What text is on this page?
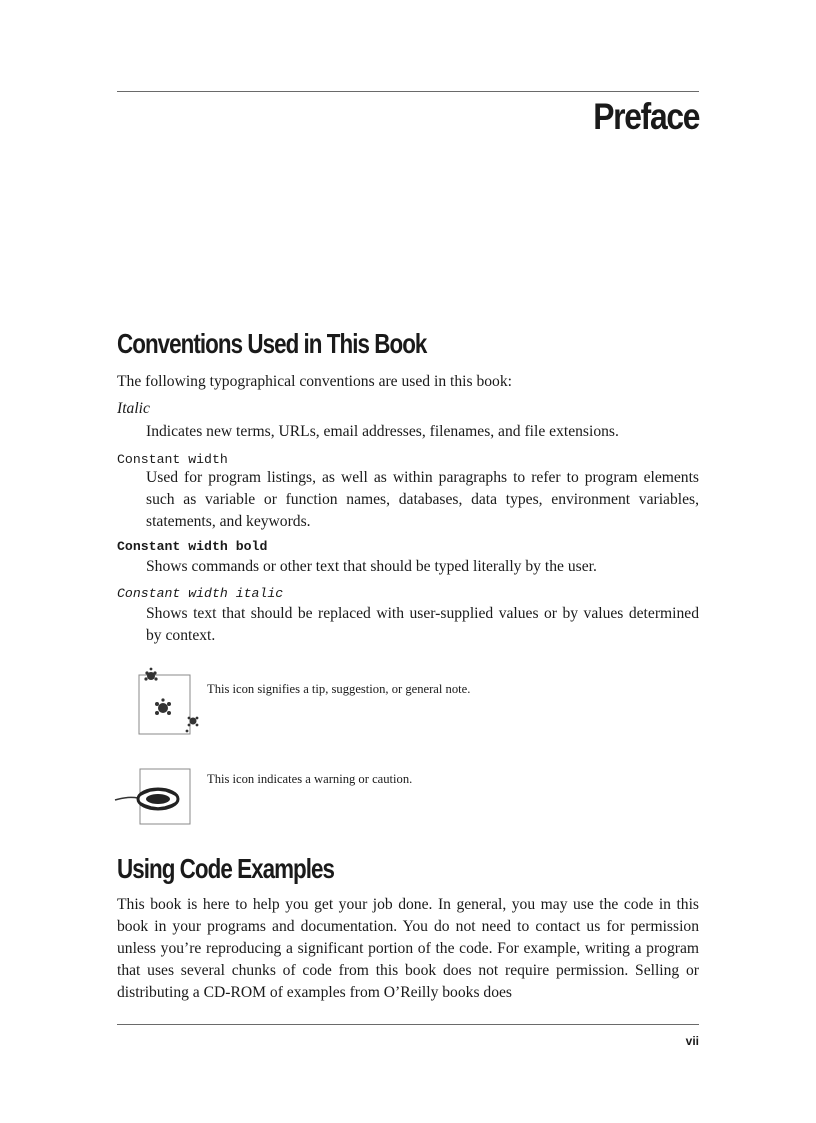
Preface
Conventions Used in This Book

The following typographical conventions are used in this book:

Italic

Indicates new terms, URLs, email addresses, filenames, and file extensions.

Constant width

Used for program listings, as well as within paragraphs to refer to program elements such as variable or function names, databases, data types, environment variables, statements, and keywords.

Constant width bold

Shows commands or other text that should be typed literally by the user.

Constant width italic

Shows text that should be replaced with user-supplied values or by values determined by context.

This icon signifies a tip, suggestion, or general note.

This icon indicates a warning or caution.

Using Code Examples

This book is here to help you get your job done. In general, you may use the code in this book in your programs and documentation. You do not need to contact us for permission unless you’re reproducing a significant portion of the code. For example, writing a program that uses several chunks of code from this book does not require permission. Selling or distributing a CD-ROM of examples from O’Reilly books does

vii
